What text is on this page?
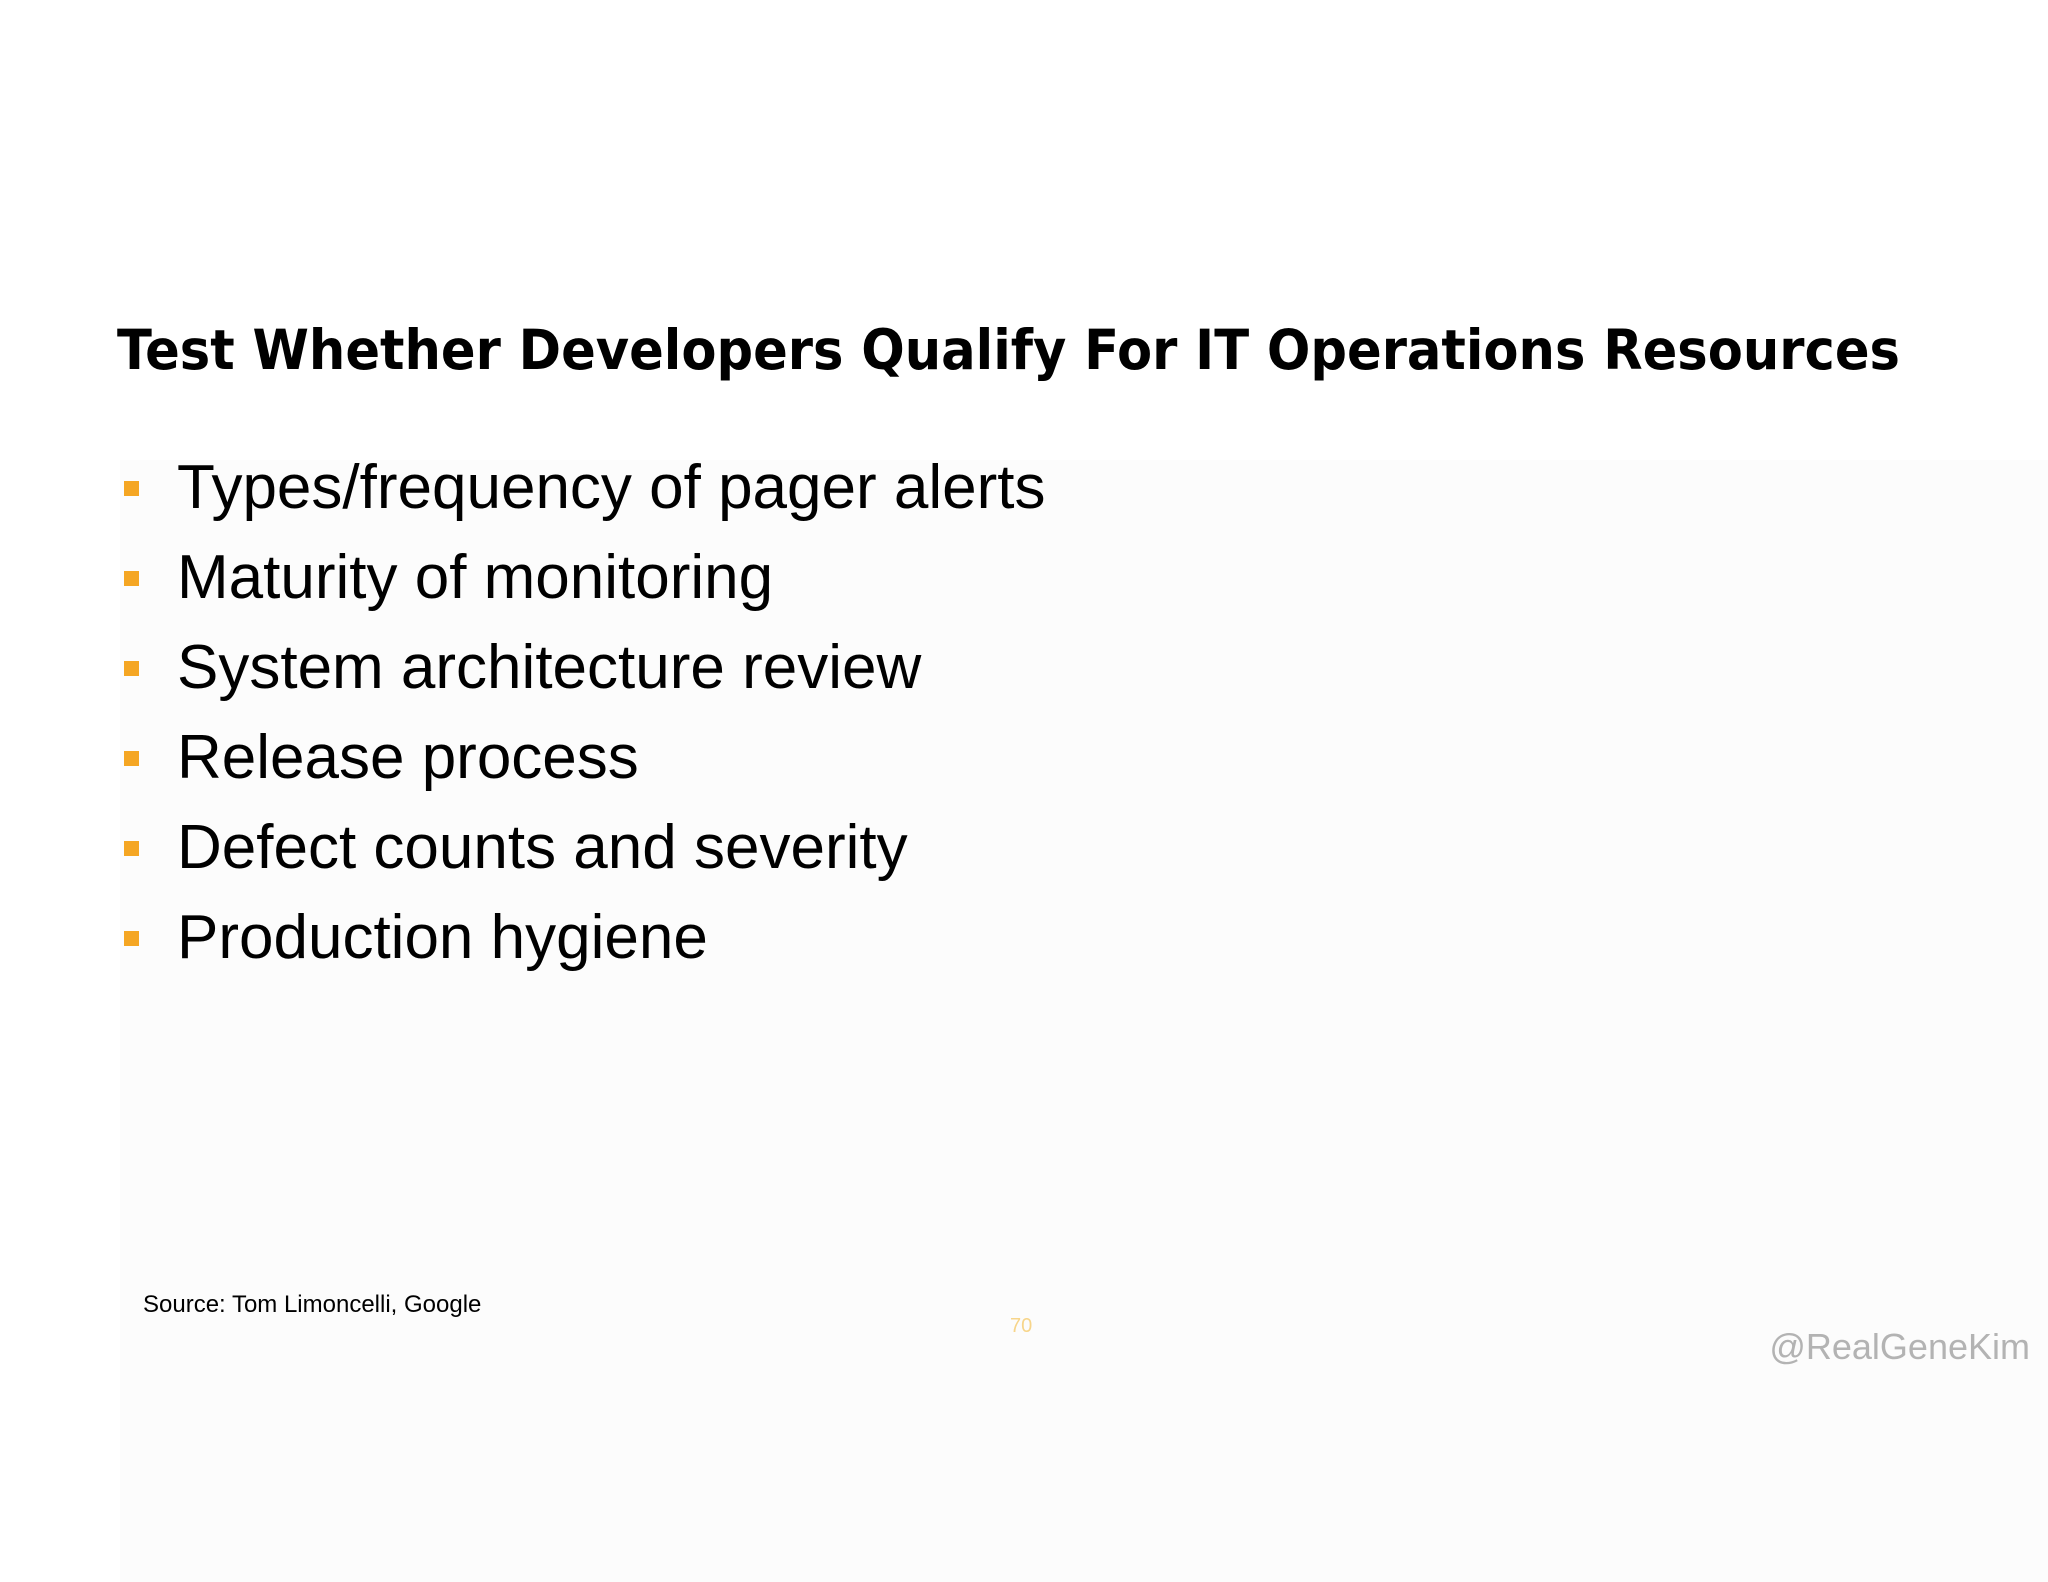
Test Whether Developers Qualify For IT Operations Resources
Types/frequency of pager alerts
Maturity of monitoring
System architecture review
Release process
Defect counts and severity
Production hygiene
Source: Tom Limoncelli, Google
70	@RealGeneKim
